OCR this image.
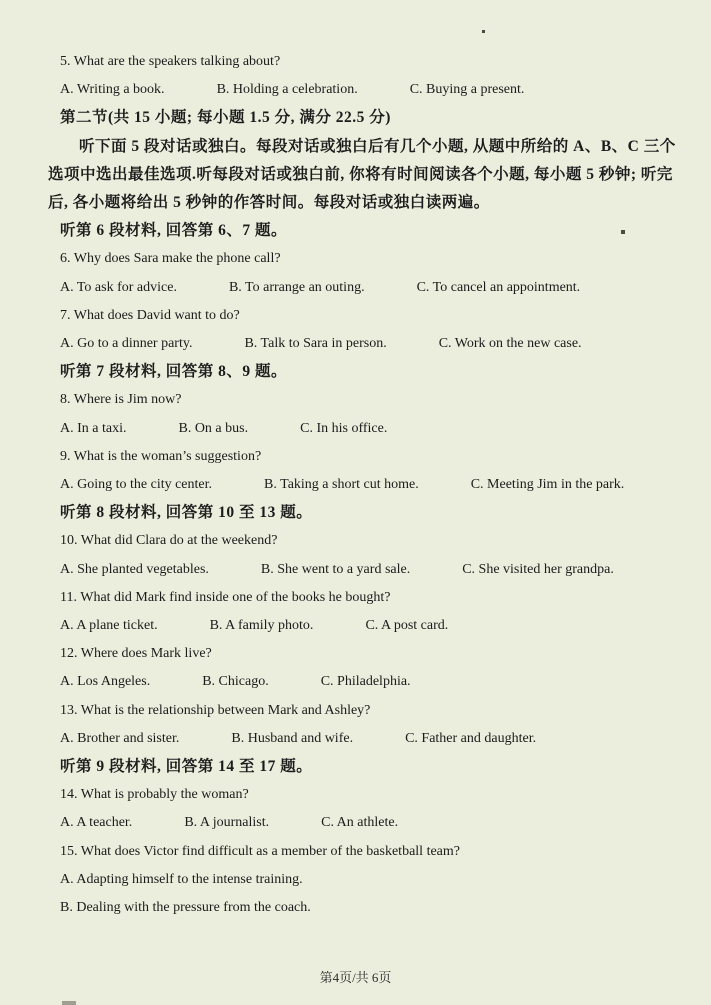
5. What are the speakers talking about?
A. Writing a book.	B. Holding a celebration.	C. Buying a present.
第二节(共 15 小题; 每小题 1.5 分, 满分 22.5 分)
听下面 5 段对话或独白。每段对话或独白后有几个小题, 从题中所给的 A、B、C 三个选项中选出最佳选项.听每段对话或独白前, 你将有时间阅读各个小题, 每小题 5 秒钟; 听完后, 各小题将给出 5 秒钟的作答时间。每段对话或独白读两遍。
听第 6 段材料, 回答第 6、7 题。
6. Why does Sara make the phone call?
A. To ask for advice.	B. To arrange an outing.	C. To cancel an appointment.
7. What does David want to do?
A. Go to a dinner party.	B. Talk to Sara in person.	C. Work on the new case.
听第 7 段材料, 回答第 8、9 题。
8. Where is Jim now?
A. In a taxi.	B. On a bus.	C. In his office.
9. What is the woman’s suggestion?
A. Going to the city center.	B. Taking a short cut home.	C. Meeting Jim in the park.
听第 8 段材料, 回答第 10 至 13 题。
10. What did Clara do at the weekend?
A. She planted vegetables.	B. She went to a yard sale.	C. She visited her grandpa.
11. What did Mark find inside one of the books he bought?
A. A plane ticket.	B. A family photo.	C. A post card.
12. Where does Mark live?
A. Los Angeles.	B. Chicago.	C. Philadelphia.
13. What is the relationship between Mark and Ashley?
A. Brother and sister.	B. Husband and wife.	C. Father and daughter.
听第 9 段材料, 回答第 14 至 17 题。
14. What is probably the woman?
A. A teacher.	B. A journalist.	C. An athlete.
15. What does Victor find difficult as a member of the basketball team?
A. Adapting himself to the intense training.
B. Dealing with the pressure from the coach.
第4页/共 6页
